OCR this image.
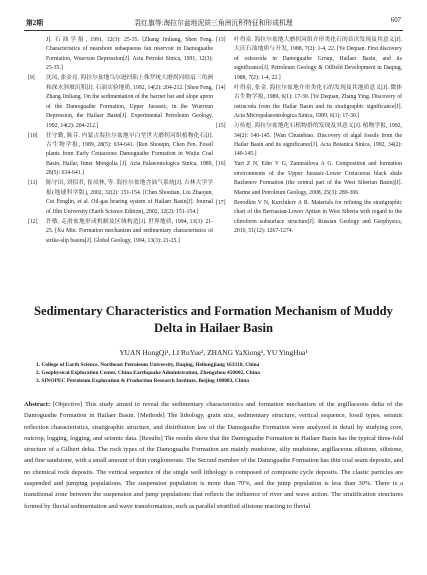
第2期	袁红旗等:海拉尔盆地泥质三角洲沉积特征和形成机理	607
J]. 石油学报, 1991, 12(3): 25-35. [Zhang Jinliang, Shen Feng. Characteristics of nearshore subaqueous fan reservoir in Damoguaihe Formation, Wuerxun Depression[J]. Acta Petrolei Sinica, 1991, 12(3): 25-35.]
[9]	沈凤, 张金亮. 海拉尔盆地乌尔逊凹陷上侏罗统大磨拐河组扇三角洲和深水斜坡沉积[J]. 石油实验地质, 1992, 14(2): 204-212. [Shen Feng, Zhang Jinliang. On the sedimentation of the barrier bar and slope apron of the Damoguaihe Formation, Upper Jurassic, in the Wuerxun Depression, the Hailaer Basin[J]. Experimental Petroleum Geology, 1992, 14(2): 204-212.]
[10]	任守勤, 陈芬. 内蒙古海拉尔盆地早白垩世大磨拐河组植物化石[J]. 古生物学报, 1989, 28(5): 634-641. [Ren Shouqin, Chen Fen. Fossil plants from Early Cretaceous Damoguaihe Formation in Wujiu Coal Basin, Hailar, Inner Mongolia [J]. Acta Palaeontologica Sinica, 1989, 28(5): 634-641.]
[11]	陈守田, 刘招君, 崔凤林, 等. 海拉尔盆地含油气系统[J]. 吉林大学学报(地球科学版), 2002, 32(2): 151-154. [Chen Shoutian, Liu Zhaojun, Cui Fenglin, et al. Oil-gas bearing system of Hailaer Basin[J]. Journal of Jilin University (Earth Science Edition), 2002, 32(2): 151-154.]
[12]	许敏. 走滑盆地形成机制及区域构造[J]. 世界地质, 1994, 13(3): 21-25. [Xu Min. Formation mechanism and sedimentary characteristics of strike-slip basins[J]. Global Geology, 1994, 13(3): 21-25.]
[13]	叶得泉. 海拉尔盆地大磨拐河组介形类化石的首次发现及其意义[J]. 大庆石油地质与开发, 1988, 7(2): 1-4, 22. [Ye Dequan. First discovery of ostracoda in Damoguaihe Group, Hailaer Basin, and its significance[J]. Petroleum Geology & Oilfield Development in Daqing, 1988, 7(2): 1-4, 22.]
[14]	叶得泉, 张金. 海拉尔盆地介形类化石的发现及其地质意义[J]. 微体古生物学报, 1989, 6(1): 17-30. [Ye Dequan, Zhang Ying. Discovery of ostracoda from the Hailar Basin and its stratigraphic significance[J]. Acta Micropalaeontologica Sinica, 1989, 6(1): 17-30.]
[15]	万传彪. 海拉尔盆地化石植物群的发现及其意义[J]. 植物学报, 1992, 34(2): 140-145. [Wan Chuanbiao. Discovery of algal fossils from the Hailar Basin and its significance[J]. Acta Botanica Sinica, 1992, 34(2): 140-145.]
[16]	Yuri Z N, Eder V G, Zamirailova A G. Composition and formation environments of the Upper Jurassic-Lower Cretaceous black shale Bazhenov Formation (the central part of the West Siberian Basin)[J]. Marine and Petroleum Geology, 2008, 25(3): 289-306.
[17]	Borodkin V N, Kurchikov A R. Materials for refining the stratigraphic chart of the Berriasian-Lower Aptian in West Siberia with regard to the clinoform subsurface structure[J]. Russian Geology and Geophysics, 2010, 51(12): 1267-1274.
Sedimentary Characteristics and Formation Mechanism of Muddy Delta in Hailaer Basin
YUAN HongQi¹, LI RuYue³, ZHANG YaXiong³, YU YingHua¹
1. College of Earth Science, Northeast Petroleum University, Daqing, Heilongjiang 163318, China
2. Geophysical Exploration Center, China Earthquake Administration, Zhengzhou 450002, China
3. SINOPEC Petroleum Exploration & Production Research Institute, Beijing 100083, China

Abstract: [Objective] This study aimed to reveal the sedimentary characteristics and formation mechanism of the argillaceous delta of the Damoguaihe Formation in Hailaer Basin. [Methods] The lithology, grain size, sedimentary structure, vertical sequence, fossil types, seismic reflection characteristics, stratigraphic structure, and distribution law of the Damoguaihe Formation were analyzed in detail by studying core, outcrop, logging, logging, and seismic data. [Results] The results show that the Damoguaihe Formation in Hailaer Basin has the typical three-fold structure of a Gilbert delta. The rock types of the Damoguaihe Formation are mainly mudstone, silty mudstone, argillaceous siltstone, siltstone, and fine sandstone, with a small amount of thin conglomerate. The Second member of the Damoguaihe Formation has thin coal seam deposits, and no chemical rock deposits. The vertical sequence of the single well lithology is composed of composite cycle deposits. The clastic particles are suspended and jumping populations. The suspension population is more than 70%, and the jump population is less than 30%. There is a transitional zone between the suspension and jump populations that reflects the influence of river and wave action. The stratification structures formed by fluvial sedimentation and wave transformation, such as parallel stratified siltstone reacting to fluvial
